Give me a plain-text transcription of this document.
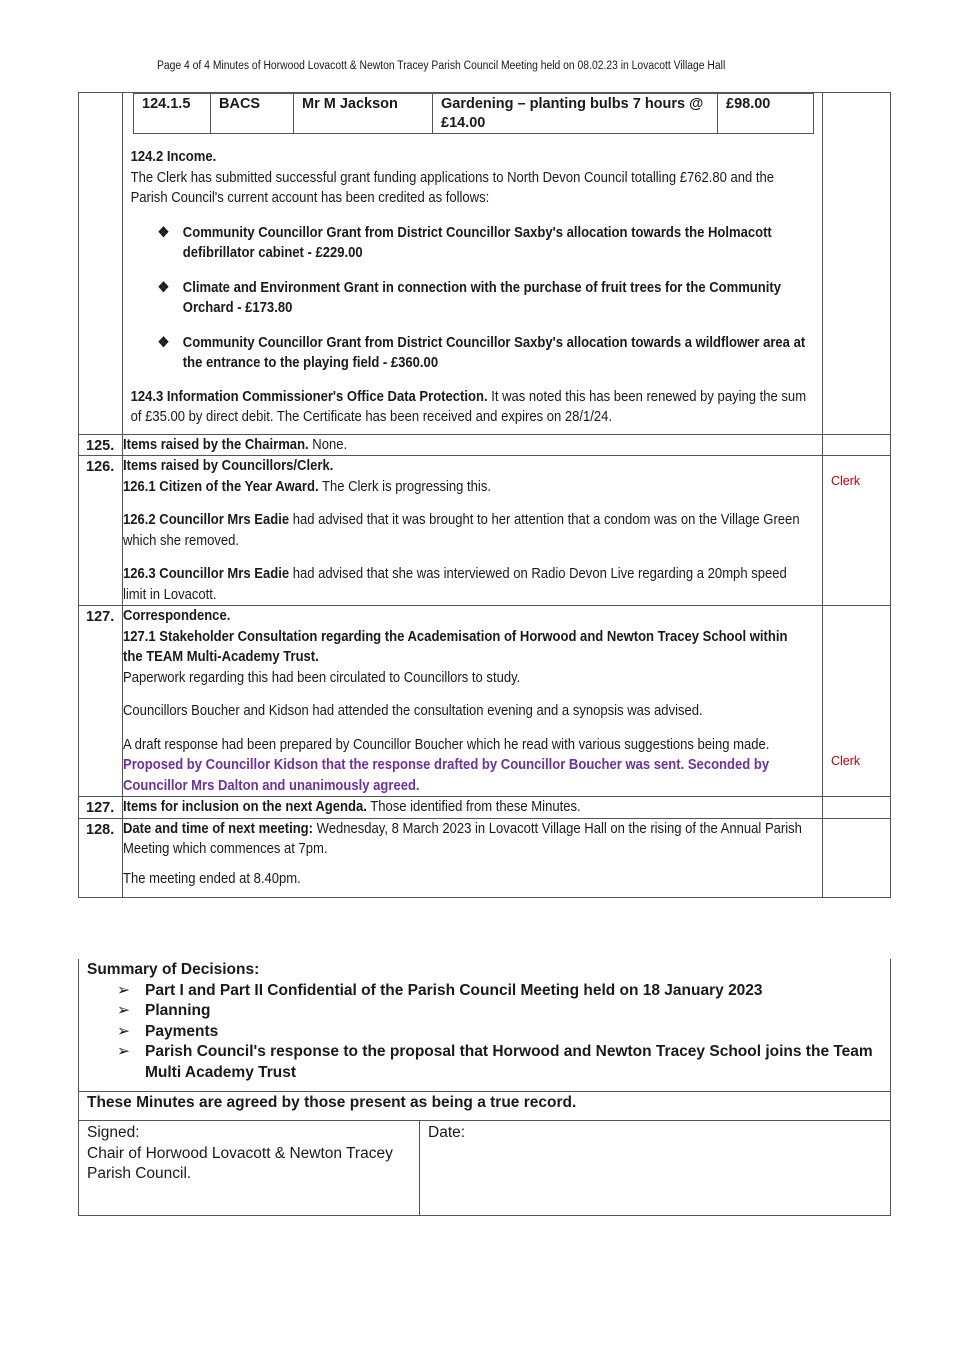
Page 4 of 4 Minutes of Horwood Lovacott & Newton Tracey Parish Council Meeting held on 08.02.23 in Lovacott Village Hall

124.1.5	BACS	Mr M Jackson	Gardening – planting bulbs 7 hours @ £14.00	£98.00

124.2 Income.

The Clerk has submitted successful grant funding applications to North Devon Council totalling £762.80 and the Parish Council's current account has been credited as follows:

❖ Community Councillor Grant from District Councillor Saxby's allocation towards the Holmacott defibrillator cabinet - £229.00
❖ Climate and Environment Grant in connection with the purchase of fruit trees for the Community Orchard - £173.80
❖ Community Councillor Grant from District Councillor Saxby's allocation towards a wildflower area at the entrance to the playing field - £360.00

124.3 Information Commissioner's Office Data Protection. It was noted this has been renewed by paying the sum of £35.00 by direct debit. The Certificate has been received and expires on 28/1/24.

125.	Items raised by the Chairman. None.

126.	Items raised by Councillors/Clerk.

126.1 Citizen of the Year Award. The Clerk is progressing this.

126.2 Councillor Mrs Eadie had advised that it was brought to her attention that a condom was on the Village Green which she removed.

126.3 Councillor Mrs Eadie had advised that she was interviewed on Radio Devon Live regarding a 20mph speed limit in Lovacott.

	Clerk
127.	Correspondence.

127.1 Stakeholder Consultation regarding the Academisation of Horwood and Newton Tracey School within the TEAM Multi-Academy Trust.

Paperwork regarding this had been circulated to Councillors to study.

Councillors Boucher and Kidson had attended the consultation evening and a synopsis was advised.

A draft response had been prepared by Councillor Boucher which he read with various suggestions being made.

Proposed by Councillor Kidson that the response drafted by Councillor Boucher was sent. Seconded by Councillor Mrs Dalton and unanimously agreed.

	Clerk
127.	Items for inclusion on the next Agenda. Those identified from these Minutes.

128.	Date and time of next meeting: Wednesday, 8 March 2023 in Lovacott Village Hall on the rising of the Annual Parish Meeting which commences at 7pm.

The meeting ended at 8.40pm.

Summary of Decisions:
➢ Part I and Part II Confidential of the Parish Council Meeting held on 18 January 2023
➢ Planning
➢ Payments
➢ Parish Council's response to the proposal that Horwood and Newton Tracey School joins the Team Multi Academy Trust
These Minutes are agreed by those present as being a true record.
Signed:
Chair of Horwood Lovacott & Newton Tracey Parish Council.
Date:
